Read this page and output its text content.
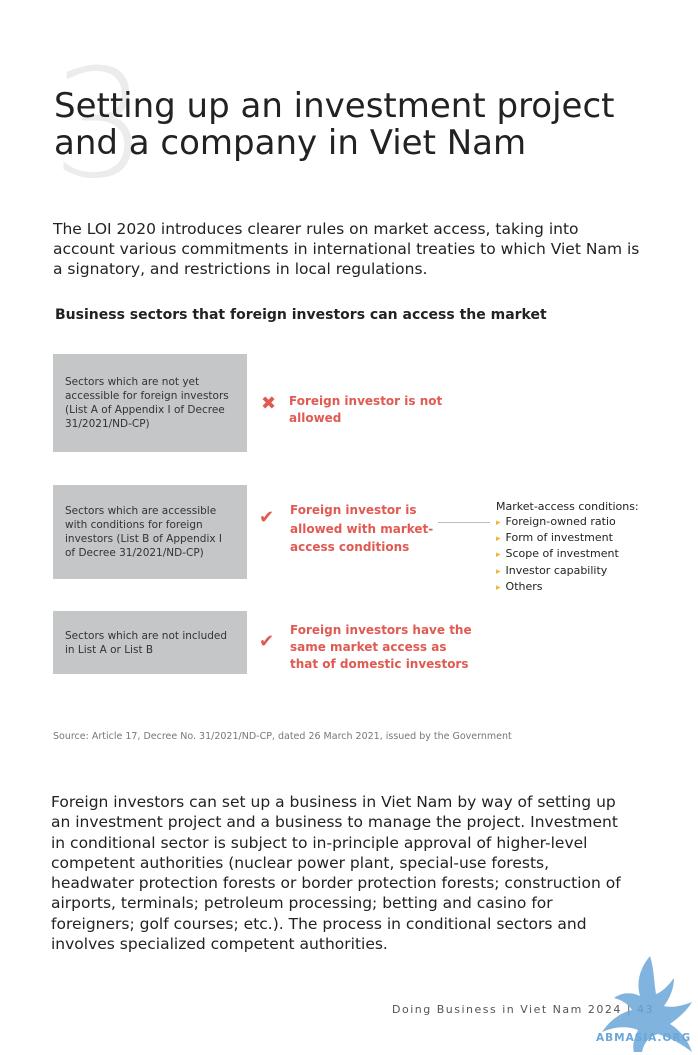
3
Setting up an investment project
and a company in Viet Nam

The LOI 2020 introduces clearer rules on market access, taking into account various commitments in international treaties to which Viet Nam is a signatory, and restrictions in local regulations.

Business sectors that foreign investors can access the market
Sectors which are not yet accessible for foreign investors (List A of Appendix I of Decree 31/2021/ND-CP)
✖ Foreign investor is not
allowed
Sectors which are accessible with conditions for foreign investors (List B of Appendix I of Decree 31/2021/ND-CP)
✔ Foreign investor is
allowed with market-
access conditions
Market-access conditions:
▸ Foreign-owned ratio
▸ Form of investment
▸ Scope of investment
▸ Investor capability
▸ Others
Sectors which are not included in List A or List B	✔
Foreign investors have the
same market access as
that of domestic investors
Source: Article 17, Decree No. 31/2021/ND-CP, dated 26 March 2021, issued by the Government

Foreign investors can set up a business in Viet Nam by way of setting up an investment project and a business to manage the project. Investment in conditional sector is subject to in-principle approval of higher-level competent authorities (nuclear power plant, special-use forests, headwater protection forests or border protection forests; construction of airports, terminals; petroleum processing; betting and casino for foreigners; golf courses; etc.). The process in conditional sectors and involves specialized competent authorities.

Doing Business in Viet Nam 2024 |
ABMASIA.ORG
